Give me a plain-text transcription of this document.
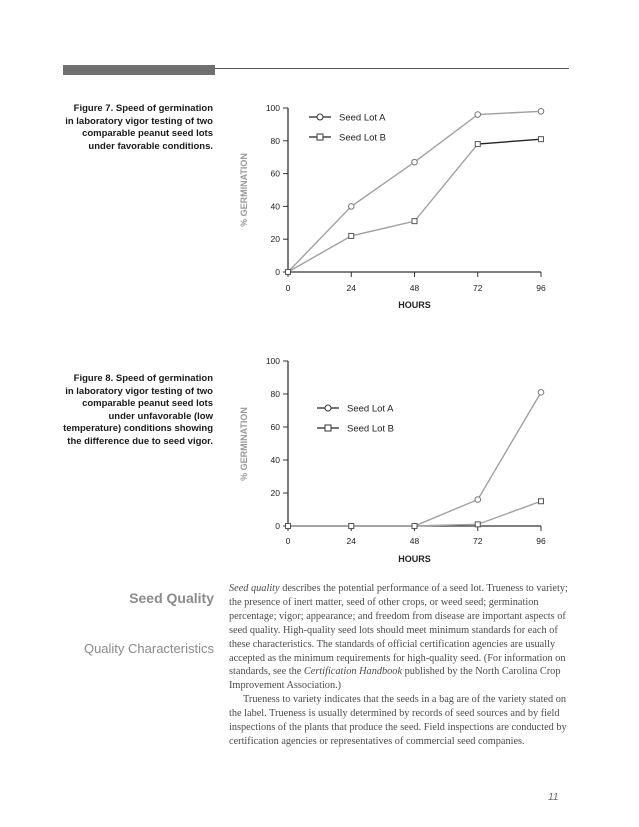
Figure 7. Speed of germination in laboratory vigor testing of two comparable peanut seed lots under favorable conditions.
Figure 8. Speed of germination in laboratory vigor testing of two comparable peanut seed lots under unfavorable (low temperature) conditions showing the difference due to seed vigor.
0
20
40
60
80
100
0	24	48	72	96
HOURS
% GERMINATION
Seed Lot A
Seed Lot B
0
20
40
60
80
100
0	24	48	72	96
HOURS
% GERMINATION	Seed Lot A
Seed Lot B
Seed Quality
Quality Characteristics

Seed quality describes the potential performance of a seed lot. Trueness to variety; the presence of inert matter, seed of other crops, or weed seed; germination percentage; vigor; appearance; and freedom from disease are important aspects of seed quality. High-quality seed lots should meet minimum standards for each of these characteristics. The standards of official certification agencies are usually accepted as the minimum requirements for high-quality seed. (For information on standards, see the Certification Handbook published by the North Carolina Crop Improvement Association.)

Trueness to variety indicates that the seeds in a bag are of the variety stated on the label. Trueness is usually determined by records of seed sources and by field inspections of the plants that produce the seed. Field inspections are conducted by certification agencies or representatives of commercial seed companies.

11
